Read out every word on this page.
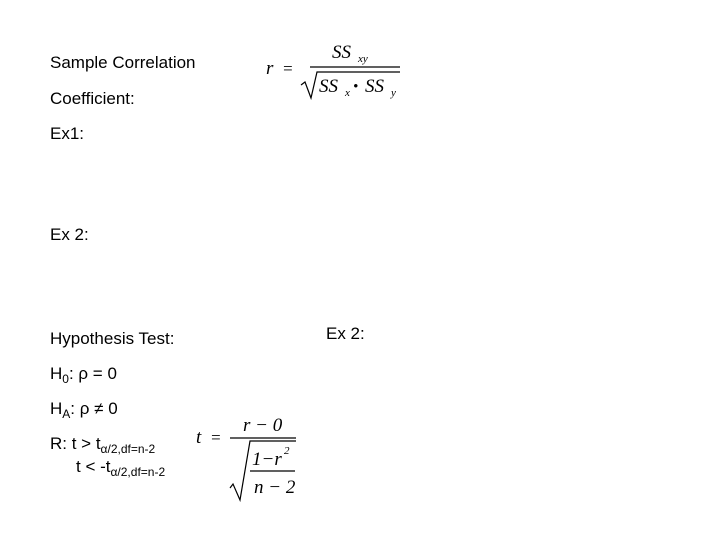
Sample Correlation
Coefficient:
Ex1:
Ex 2:
Hypothesis Test:	Ex 2:
$H_0$: ρ = 0
$H_A$: ρ ≠ 0
R: $t > t_{\alpha/2,df=n-2}$
$t < -t_{\alpha/2,df=n-2}$
r =
SS xy
SS x • SS y
t =
r − 0
1−r 2
n − 2
